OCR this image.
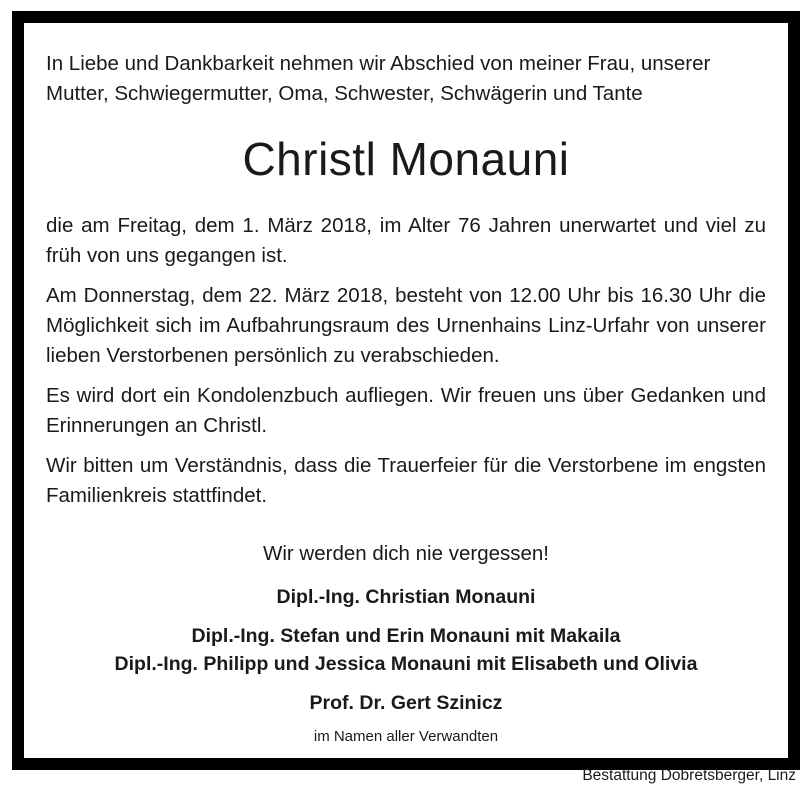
In Liebe und Dankbarkeit nehmen wir Abschied von meiner Frau, unserer Mutter, Schwiegermutter, Oma, Schwester, Schwägerin und Tante
Christl Monauni

die am Freitag, dem 1. März 2018, im Alter 76 Jahren unerwartet und viel zu früh von uns gegangen ist.

Am Donnerstag, dem 22. März 2018, besteht von 12.00 Uhr bis 16.30 Uhr die Möglichkeit sich im Aufbahrungsraum des Urnenhains Linz-Urfahr von unserer lieben Verstorbenen persönlich zu verabschieden.

Es wird dort ein Kondolenzbuch aufliegen. Wir freuen uns über Gedanken und Erinnerungen an Christl.

Wir bitten um Verständnis, dass die Trauerfeier für die Verstorbene im engsten Familienkreis stattfindet.

Wir werden dich nie vergessen!
Dipl.-Ing. Christian Monauni
Dipl.-Ing. Stefan und Erin Monauni mit Makaila
Dipl.-Ing. Philipp und Jessica Monauni mit Elisabeth und Olivia
Prof. Dr. Gert Szinicz
im Namen aller Verwandten
Bestattung Dobretsberger, Linz
